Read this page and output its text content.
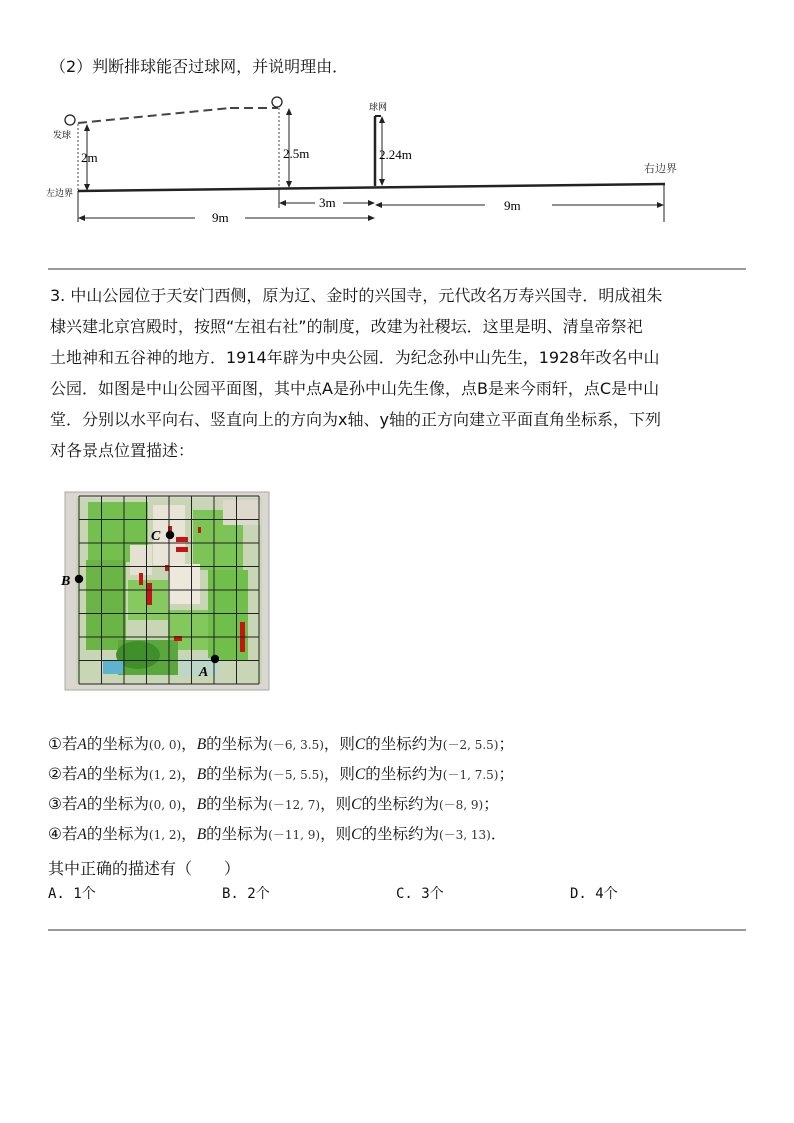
（2）判断排球能否过球网，并说明理由．
发球
球网
左边界
右边界
2m	2.5m	2.24m
9m
3m	9m
3. 中山公园位于天安门西侧，原为辽、金时的兴国寺，元代改名万寿兴国寺．明成祖朱
棣兴建北京宫殿时，按照“左祖右社”的制度，改建为社稷坛．这里是明、清皇帝祭祀
土地神和五谷神的地方．1914年辟为中央公园．为纪念孙中山先生，1928年改名中山
公园．如图是中山公园平面图，其中点A是孙中山先生像，点B是来今雨轩，点C是中山
堂．分别以水平向右、竖直向上的方向为x轴、y轴的正方向建立平面直角坐标系，下列
对各景点位置描述：
C
B
A
①若A的坐标为(0, 0)，B的坐标为(－6, 3.5)，则C的坐标约为(－2, 5.5)；
②若A的坐标为(1, 2)，B的坐标为(－5, 5.5)，则C的坐标约为(－1, 7.5)；
③若A的坐标为(0, 0)，B的坐标为(－12, 7)，则C的坐标约为(－8, 9)；
④若A的坐标为(1, 2)，B的坐标为(－11, 9)，则C的坐标约为(－3, 13)．
其中正确的描述有（　　）
A. 1个	B. 2个	C. 3个	D. 4个
